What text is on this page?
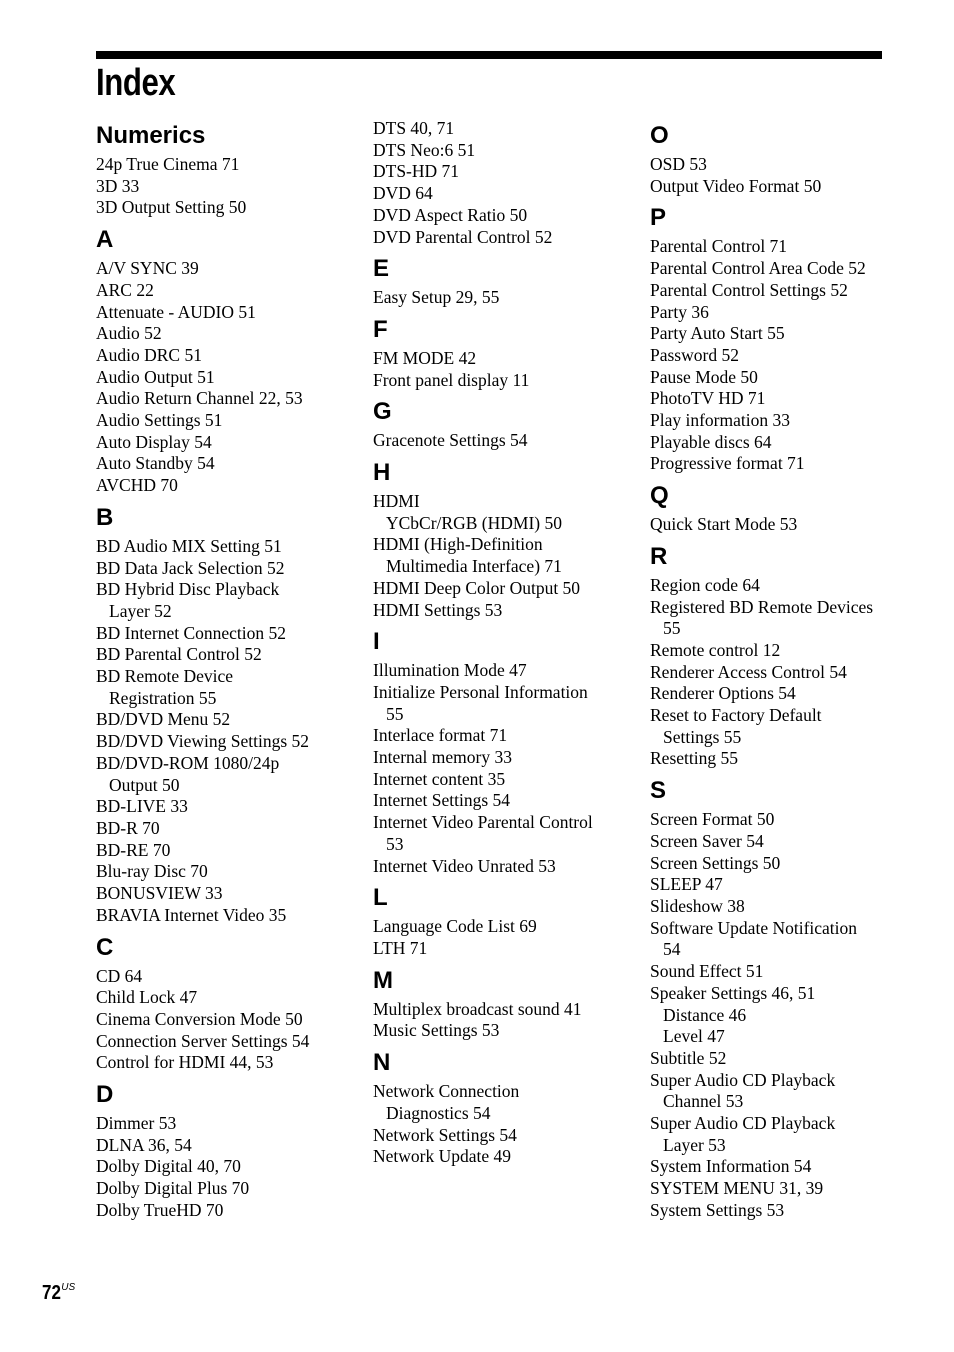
Index
Numerics
24p True Cinema 71
3D 33
3D Output Setting 50
A
A/V SYNC 39
ARC 22
Attenuate - AUDIO 51
Audio 52
Audio DRC 51
Audio Output 51
Audio Return Channel 22, 53
Audio Settings 51
Auto Display 54
Auto Standby 54
AVCHD 70
B
BD Audio MIX Setting 51
BD Data Jack Selection 52
BD Hybrid Disc Playback
Layer 52
BD Internet Connection 52
BD Parental Control 52
BD Remote Device
Registration 55
BD/DVD Menu 52
BD/DVD Viewing Settings 52
BD/DVD-ROM 1080/24p
Output 50
BD-LIVE 33
BD-R 70
BD-RE 70
Blu-ray Disc 70
BONUSVIEW 33
BRAVIA Internet Video 35
C
CD 64
Child Lock 47
Cinema Conversion Mode 50
Connection Server Settings 54
Control for HDMI 44, 53
D
Dimmer 53
DLNA 36, 54
Dolby Digital 40, 70
Dolby Digital Plus 70
Dolby TrueHD 70
DTS 40, 71
DTS Neo:6 51
DTS-HD 71
DVD 64
DVD Aspect Ratio 50
DVD Parental Control 52
E
Easy Setup 29, 55
F
FM MODE 42
Front panel display 11
G
Gracenote Settings 54
H
HDMI
YCbCr/RGB (HDMI) 50
HDMI (High-Definition
Multimedia Interface) 71
HDMI Deep Color Output 50
HDMI Settings 53
I
Illumination Mode 47
Initialize Personal Information
55
Interlace format 71
Internal memory 33
Internet content 35
Internet Settings 54
Internet Video Parental Control
53
Internet Video Unrated 53
L
Language Code List 69
LTH 71
M
Multiplex broadcast sound 41
Music Settings 53
N
Network Connection
Diagnostics 54
Network Settings 54
Network Update 49
O
OSD 53
Output Video Format 50
P
Parental Control 71
Parental Control Area Code 52
Parental Control Settings 52
Party 36
Party Auto Start 55
Password 52
Pause Mode 50
PhotoTV HD 71
Play information 33
Playable discs 64
Progressive format 71
Q
Quick Start Mode 53
R
Region code 64
Registered BD Remote Devices
55
Remote control 12
Renderer Access Control 54
Renderer Options 54
Reset to Factory Default
Settings 55
Resetting 55
S
Screen Format 50
Screen Saver 54
Screen Settings 50
SLEEP 47
Slideshow 38
Software Update Notification
54
Sound Effect 51
Speaker Settings 46, 51
Distance 46
Level 47
Subtitle 52
Super Audio CD Playback
Channel 53
Super Audio CD Playback
Layer 53
System Information 54
SYSTEM MENU 31, 39
System Settings 53
$72^{US}$
